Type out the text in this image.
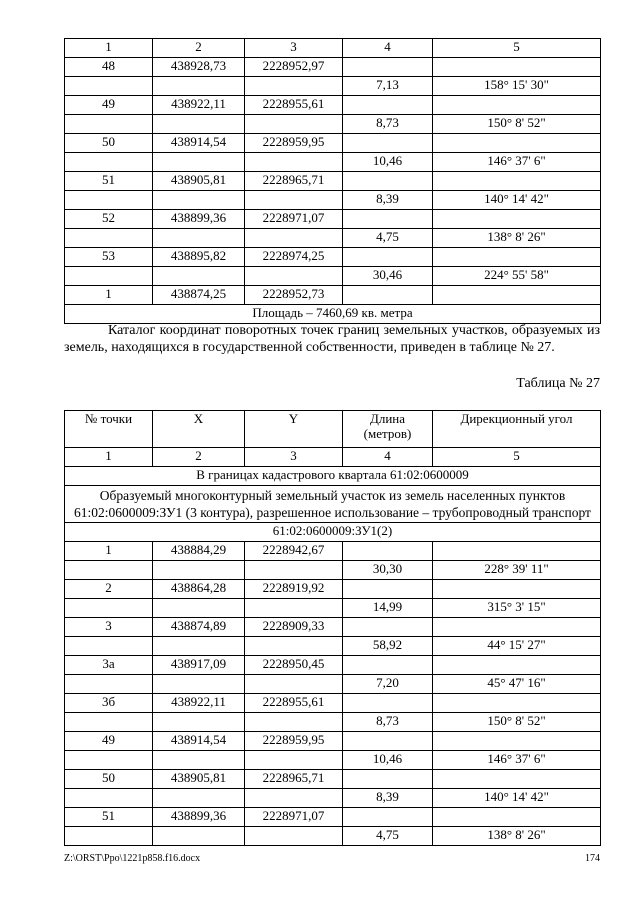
1	2	3	4	5
48	438928,73	2228952,97		
			7,13	158° 15' 30"
49	438922,11	2228955,61		
			8,73	150° 8' 52"
50	438914,54	2228959,95		
			10,46	146° 37' 6"
51	438905,81	2228965,71		
			8,39	140° 14' 42"
52	438899,36	2228971,07		
			4,75	138° 8' 26"
53	438895,82	2228974,25		
			30,46	224° 55' 58"
1	438874,25	2228952,73		
Площадь – 7460,69 кв. метра				

Каталог координат поворотных точек границ земельных участков, образуемых из земель, находящихся в государственной собственности, приведен в таблице № 27.

Таблица № 27

№ точки	X	Y	Длина (метров)	Дирекционный угол
1	2	3	4	5
В границах кадастрового квартала 61:02:0600009				
Образуемый многоконтурный земельный участок из земель населенных пунктов 61:02:0600009:ЗУ1 (3 контура), разрешенное использование – трубопроводный транспорт				
61:02:0600009:ЗУ1(2)				
1	438884,29	2228942,67		
			30,30	228° 39' 11"
2	438864,28	2228919,92		
			14,99	315° 3' 15"
3	438874,89	2228909,33		
			58,92	44° 15' 27"
3а	438917,09	2228950,45		
			7,20	45° 47' 16"
3б	438922,11	2228955,61		
			8,73	150° 8' 52"
49	438914,54	2228959,95		
			10,46	146° 37' 6"
50	438905,81	2228965,71		
			8,39	140° 14' 42"
51	438899,36	2228971,07		
			4,75	138° 8' 26"
Z:\ORST\Ppo\1221p858.f16.docx	174
